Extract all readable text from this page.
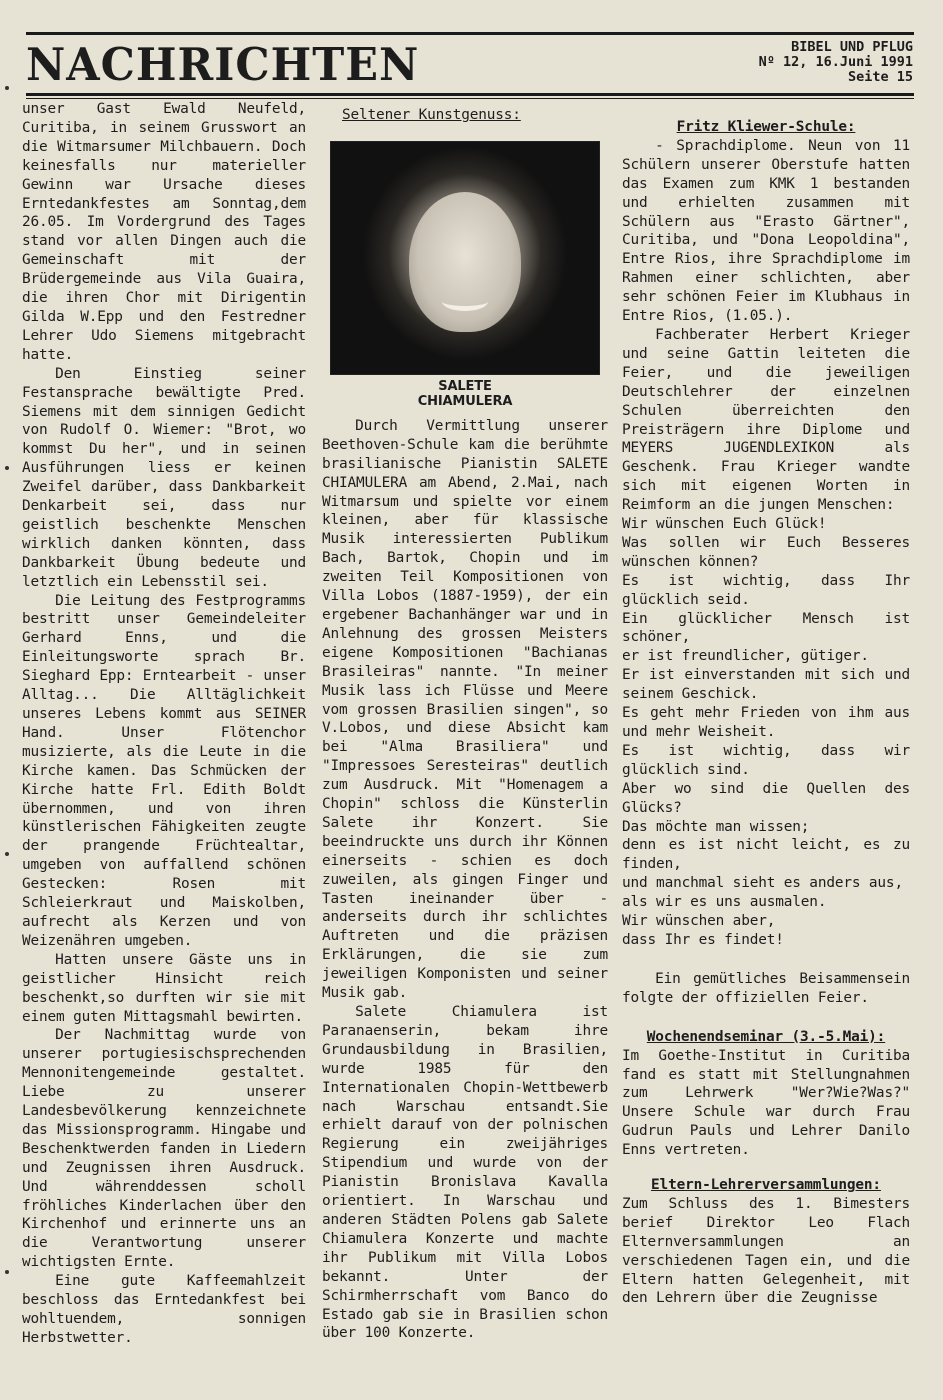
NACHRICHTEN	BIBEL UND PFLUG
Nº 12, 16.Juni 1991
Seite 15

unser Gast Ewald Neufeld, Curitiba, in seinem Grusswort an die Witmarsumer Milchbauern. Doch keinesfalls nur materieller Gewinn war Ursache dieses Erntedankfestes am Sonntag,dem 26.05. Im Vordergrund des Tages stand vor allen Dingen auch die Gemeinschaft mit der Brüdergemeinde aus Vila Guaira, die ihren Chor mit Dirigentin Gilda W.Epp und den Festredner Lehrer Udo Siemens mitgebracht hatte.

Den Einstieg seiner Festansprache bewältigte Pred. Siemens mit dem sinnigen Gedicht von Rudolf O. Wiemer: "Brot, wo kommst Du her", und in seinen Ausführungen liess er keinen Zweifel darüber, dass Dankbarkeit Denkarbeit sei, dass nur geistlich beschenkte Menschen wirklich danken könnten, dass Dankbarkeit Übung bedeute und letztlich ein Lebensstil sei.

Die Leitung des Festprogramms bestritt unser Gemeindeleiter Gerhard Enns, und die Einleitungsworte sprach Br. Sieghard Epp: Erntearbeit - unser Alltag... Die Alltäglichkeit unseres Lebens kommt aus SEINER Hand. Unser Flötenchor musizierte, als die Leute in die Kirche kamen. Das Schmücken der Kirche hatte Frl. Edith Boldt übernommen, und von ihren künstlerischen Fähigkeiten zeugte der prangende Früchtealtar, umgeben von auffallend schönen Gestecken: Rosen mit Schleierkraut und Maiskolben, aufrecht als Kerzen und von Weizenähren umgeben.

Hatten unsere Gäste uns in geistlicher Hinsicht reich beschenkt,so durften wir sie mit einem guten Mittagsmahl bewirten.

Der Nachmittag wurde von unserer portugiesischsprechenden Mennonitengemeinde gestaltet. Liebe zu unserer Landesbevölkerung kennzeichnete das Missionsprogramm. Hingabe und Beschenktwerden fanden in Liedern und Zeugnissen ihren Ausdruck. Und währenddessen scholl fröhliches Kinderlachen über den Kirchenhof und erinnerte uns an die Verantwortung unserer wichtigsten Ernte.

Eine gute Kaffeemahlzeit beschloss das Erntedankfest bei wohltuendem, sonnigen Herbstwetter.

Seltener Kunstgenuss:
SALETE
CHIAMULERA

Durch Vermittlung unserer Beethoven-Schule kam die berühmte brasilianische Pianistin SALETE CHIAMULERA am Abend, 2.Mai, nach Witmarsum und spielte vor einem kleinen, aber für klassische Musik interessierten Publikum Bach, Bartok, Chopin und im zweiten Teil Kompositionen von Villa Lobos (1887-1959), der ein ergebener Bachanhänger war und in Anlehnung des grossen Meisters eigene Kompositionen "Bachianas Brasileiras" nannte. "In meiner Musik lass ich Flüsse und Meere vom grossen Brasilien singen", so V.Lobos, und diese Absicht kam bei "Alma Brasiliera" und "Impressoes Seresteiras" deutlich zum Ausdruck. Mit "Homenagem a Chopin" schloss die Künsterlin Salete ihr Konzert. Sie beeindruckte uns durch ihr Können einerseits - schien es doch zuweilen, als gingen Finger und Tasten ineinander über - anderseits durch ihr schlichtes Auftreten und die präzisen Erklärungen, die sie zum jeweiligen Komponisten und seiner Musik gab.

Salete Chiamulera ist Paranaenserin, bekam ihre Grundausbildung in Brasilien, wurde 1985 für den Internationalen Chopin-Wettbewerb nach Warschau entsandt.Sie erhielt darauf von der polnischen Regierung ein zweijähriges Stipendium und wurde von der Pianistin Bronislava Kavalla orientiert. In Warschau und anderen Städten Polens gab Salete Chiamulera Konzerte und machte ihr Publikum mit Villa Lobos bekannt. Unter der Schirmherrschaft vom Banco do Estado gab sie in Brasilien schon über 100 Konzerte.

Fritz Kliewer-Schule:

- Sprachdiplome. Neun von 11 Schülern unserer Oberstufe hatten das Examen zum KMK 1 bestanden und erhielten zusammen mit Schülern aus "Erasto Gärtner", Curitiba, und "Dona Leopoldina", Entre Rios, ihre Sprachdiplome im Rahmen einer schlichten, aber sehr schönen Feier im Klubhaus in Entre Rios, (1.05.).

Fachberater Herbert Krieger und seine Gattin leiteten die Feier, und die jeweiligen Deutschlehrer der einzelnen Schulen überreichten den Preisträgern ihre Diplome und MEYERS JUGENDLEXIKON als Geschenk. Frau Krieger wandte sich mit eigenen Worten in Reimform an die jungen Menschen:

Wir wünschen Euch Glück!
Was sollen wir Euch Besseres wünschen können?
Es ist wichtig, dass Ihr glücklich seid.
Ein glücklicher Mensch ist schöner,
er ist freundlicher, gütiger.
Er ist einverstanden mit sich und seinem Geschick.
Es geht mehr Frieden von ihm aus und mehr Weisheit.
Es ist wichtig, dass wir glücklich sind.
Aber wo sind die Quellen des Glücks?
Das möchte man wissen;
denn es ist nicht leicht, es zu finden,
und manchmal sieht es anders aus,
als wir es uns ausmalen.
Wir wünschen aber,
dass Ihr es findet!

Ein gemütliches Beisammensein folgte der offiziellen Feier.

Wochenendseminar (3.-5.Mai):

Im Goethe-Institut in Curitiba fand es statt mit Stellungnahmen zum Lehrwerk "Wer?Wie?Was?" Unsere Schule war durch Frau Gudrun Pauls und Lehrer Danilo Enns vertreten.

Eltern-Lehrerversammlungen:

Zum Schluss des 1. Bimesters berief Direktor Leo Flach Elternversammlungen an verschiedenen Tagen ein, und die Eltern hatten Gelegenheit, mit den Lehrern über die Zeugnisse
